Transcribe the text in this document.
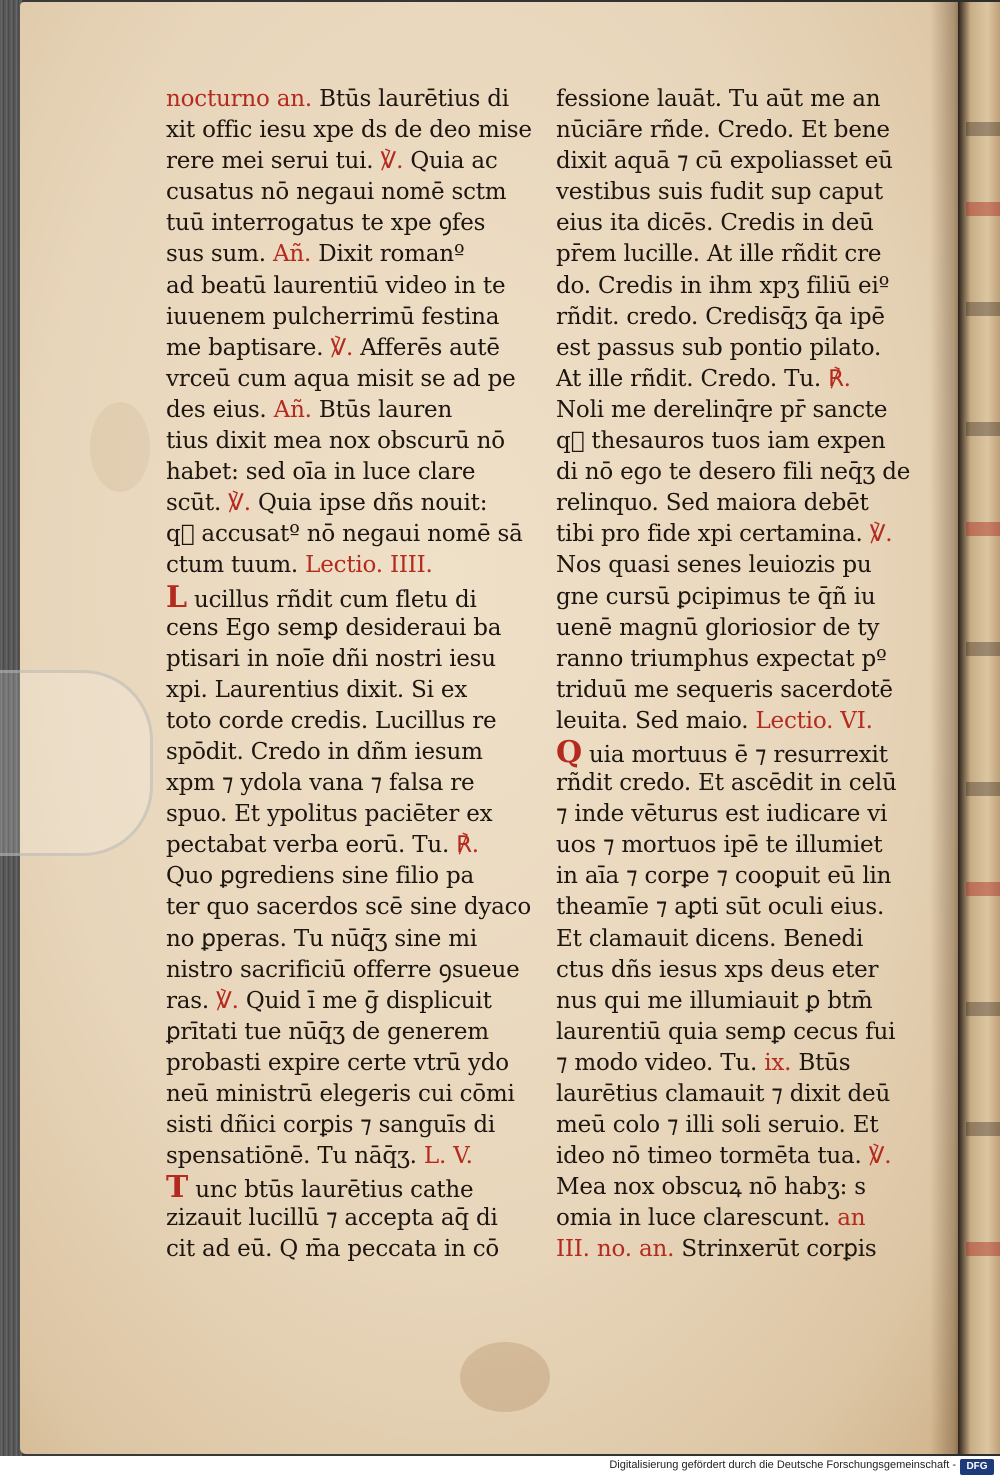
nocturno an. Btūs laurētius di
xit offic iesu xpe ds de deo mise
rere mei serui tui. ℣. Quia ac
cusatus nō negaui nomē sctm
tuū interrogatus te xpe ꝯfes
sus sum. Añ. Dixit romanº
ad beatū laurentiū video in te
iuuenem pulcherrimū festina
me baptisare. ℣. Afferēs autē
vrceū cum aqua misit se ad pe
des eius. Añ. Btūs lauren
tius dixit mea nox obscurū nō
habet: sed oīa in luce clare
scūt. ℣. Quia ipse dñs nouit:
q᷑ accusatº nō negaui nomē sā
ctum tuum. Lectio. IIII.
L ucillus rñdit cum fletu di
cens Ego semꝑ desideraui ba
ptisari in noīe dñi nostri iesu
xpi. Laurentius dixit. Si ex
toto corde credis. Lucillus re
spōdit. Credo in dñm iesum
xpm ⁊ ydola vana ⁊ falsa re
spuo. Et ypolitus paciēter ex
pectabat verba eorū. Tu. ℟.
Quo ꝑgrediens sine filio pa
ter quo sacerdos scē sine dyaco
no ꝑperas. Tu nūq̄ʒ sine mi
nistro sacrificiū offerre ꝯsueue
ras. ℣. Quid ī me ḡ displicuit
ꝑrītati tue nūq̄ʒ de generem
probasti expire certe vtrū ydo
neū ministrū elegeris cui cōmi
sisti dñici corꝑis ⁊ sanguīs di
spensatiōnē. Tu nāq̄ʒ. L. V.
T unc btūs laurētius cathe
zizauit lucillū ⁊ accepta aq̄ di
cit ad eū. Q m̄a peccata in cō
fessione lauāt. Tu aūt me an
nūciāre rñde. Credo. Et bene
dixit aquā ⁊ cū expoliasset eū
vestibus suis fudit sup caput
eius ita dicēs. Credis in deū
pr̄em lucille. At ille rñdit cre
do. Credis in ihm xpʒ filiū eiº
rñdit. credo. Credisq̄ʒ q̄a ipē
est passus sub pontio pilato.
At ille rñdit. Credo. Tu. ℟.
Noli me derelinq̄re pr̄ sancte
q᷑ thesauros tuos iam expen
di nō ego te desero fili neq̄ʒ de
relinquo. Sed maiora debēt
tibi pro fide xpi certamina. ℣.
Nos quasi senes leuiozis pu
gne cursū ꝑcipimus te q̄ñ iu
uenē magnū gloriosior de ty
ranno triumphus expectat pº
triduū me sequeris sacerdotē
leuita. Sed maio. Lectio. VI.
Q uia mortuus ē ⁊ resurrexit
rñdit credo. Et ascēdit in celū
⁊ inde vēturus est iudicare vi
uos ⁊ mortuos ipē te illumiet
in aīa ⁊ corꝑe ⁊ cooꝑuit eū lin
theamīe ⁊ aꝑti sūt oculi eius.
Et clamauit dicens. Benedi
ctus dñs iesus xps deus eter
nus qui me illumiauit ꝑ btm̄
laurentiū quia semꝑ cecus fui
⁊ modo video. Tu. ix. Btūs
laurētius clamauit ⁊ dixit deū
meū colo ⁊ illi soli seruio. Et
ideo nō timeo tormēta tua. ℣.
Mea nox obscuꝝ nō habʒ: s
omia in luce clarescunt. an
III. no. an. Strinxerūt corꝑis
Digitalisierung gefördert durch die Deutsche Forschungsgemeinschaft -	DFG
